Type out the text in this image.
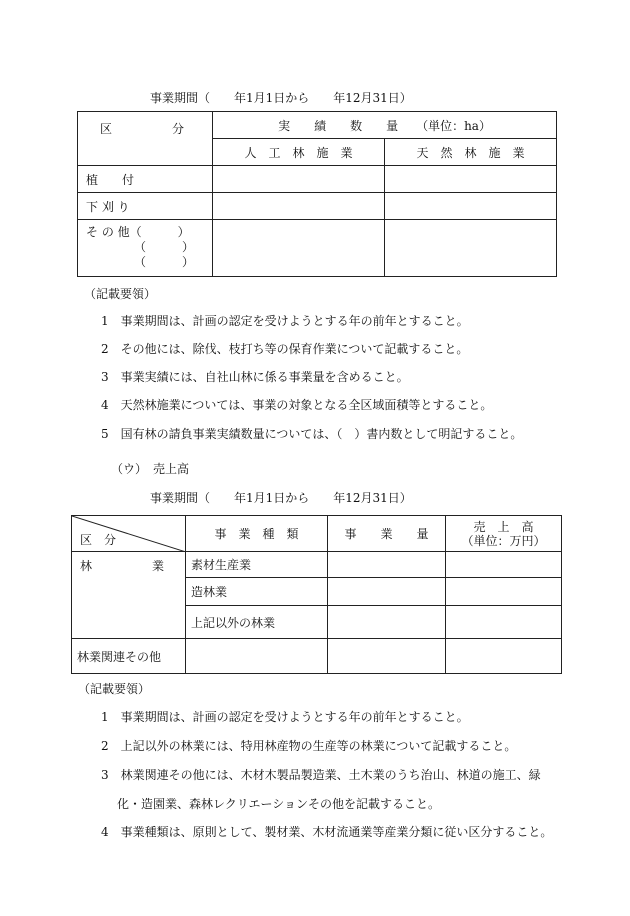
事業期間（　　年1月1日から　　年12月31日）
区　　　　　分	実　　績　　数　　量　　（単位：ha）	
	人　工　林　施　業	天　然　林　施　業
植　　付		
下 刈 り		

そ の 他（　　　）
（　　　）
（　　　）		

（記載要領）
1　事業期間は、計画の認定を受けようとする年の前年とすること。
2　その他には、除伐、枝打ち等の保育作業について記載すること。
3　事業実績には、自社山林に係る事業量を含めること。
4　天然林施業については、事業の対象となる全区域面積等とすること。
5　国有林の請負事業実績数量については、（　）書内数として明記すること。
（ウ）　売上高
事業期間（　　年1月1日から　　年12月31日）
区　分	事　業　種　類	事　　業　　量	売　上　高
（単位：万円）

林　　　　　業	素材生産業		
	造林業		
	上記以外の林業		
林業関連その他			
（記載要領）
1　事業期間は、計画の認定を受けようとする年の前年とすること。
2　上記以外の林業には、特用林産物の生産等の林業について記載すること。
3　林業関連その他には、木材木製品製造業、土木業のうち治山、林道の施工、緑
化・造園業、森林レクリエーションその他を記載すること。
4　事業種類は、原則として、製材業、木材流通業等産業分類に従い区分すること。
